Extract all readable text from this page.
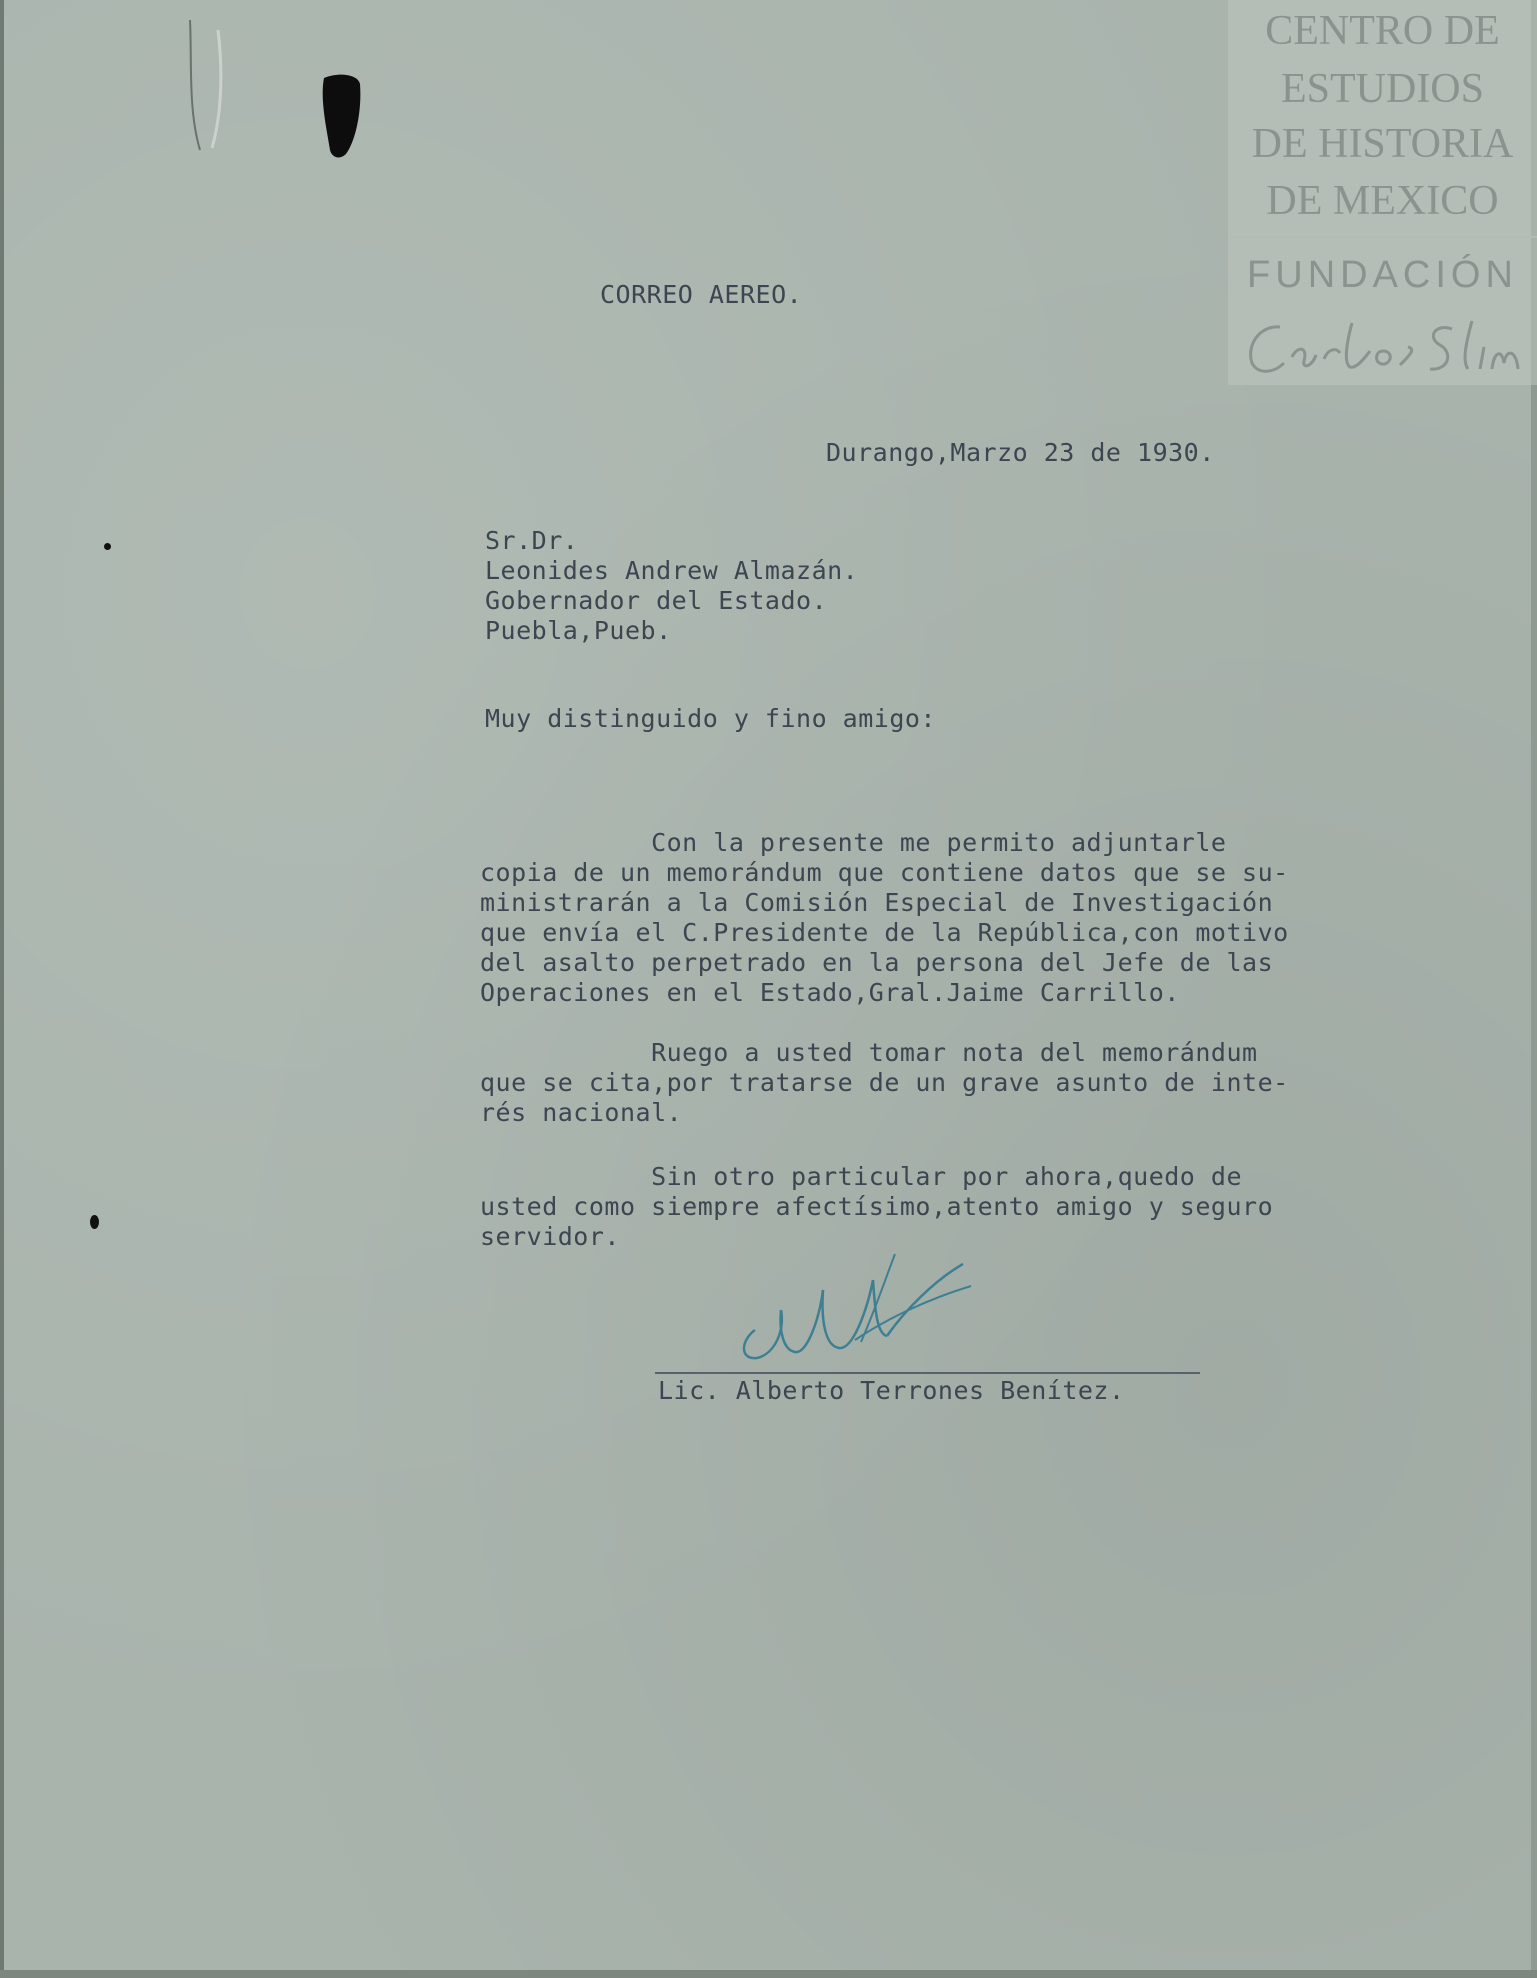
CENTRO DE
ESTUDIOS
DE HISTORIA
DE MEXICO
FUNDACIÓN
CORREO AEREO.
Durango,Marzo 23 de 1930.
Sr.Dr.
Leonides Andrew Almazán.
Gobernador del Estado.
Puebla,Pueb.
Muy distinguido y fino amigo:
Con la presente me permito adjuntarle
copia de un memorándum que contiene datos que se su-
ministrarán a la Comisión Especial de Investigación
que envía el C.Presidente de la República,con motivo
del asalto perpetrado en la persona del Jefe de las
Operaciones en el Estado,Gral.Jaime Carrillo.
Ruego a usted tomar nota del memorándum
que se cita,por tratarse de un grave asunto de inte-
rés nacional.
Sin otro particular por ahora,quedo de
usted como siempre afectísimo,atento amigo y seguro
servidor.
Lic. Alberto Terrones Benítez.
